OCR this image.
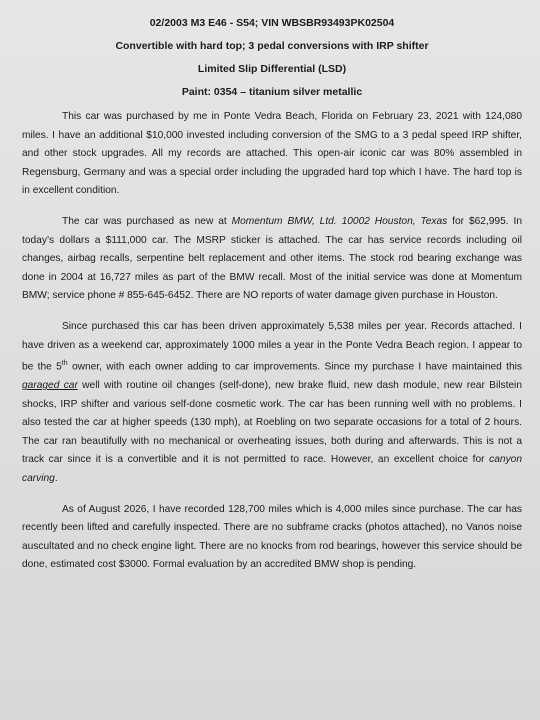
02/2003 M3 E46 - S54; VIN WBSBR93493PK02504
Convertible with hard top; 3 pedal conversions with IRP shifter
Limited Slip Differential (LSD)
Paint: 0354 – titanium silver metallic

This car was purchased by me in Ponte Vedra Beach, Florida on February 23, 2021 with 124,080 miles. I have an additional $10,000 invested including conversion of the SMG to a 3 pedal speed IRP shifter, and other stock upgrades. All my records are attached. This open-air iconic car was 80% assembled in Regensburg, Germany and was a special order including the upgraded hard top which I have. The hard top is in excellent condition.

The car was purchased as new at Momentum BMW, Ltd. 10002 Houston, Texas for $62,995. In today’s dollars a $111,000 car. The MSRP sticker is attached. The car has service records including oil changes, airbag recalls, serpentine belt replacement and other items. The stock rod bearing exchange was done in 2004 at 16,727 miles as part of the BMW recall. Most of the initial service was done at Momentum BMW; service phone # 855-645-6452. There are NO reports of water damage given purchase in Houston.

Since purchased this car has been driven approximately 5,538 miles per year. Records attached. I have driven as a weekend car, approximately 1000 miles a year in the Ponte Vedra Beach region. I appear to be the 5th owner, with each owner adding to car improvements. Since my purchase I have maintained this garaged car well with routine oil changes (self-done), new brake fluid, new dash module, new rear Bilstein shocks, IRP shifter and various self-done cosmetic work. The car has been running well with no problems. I also tested the car at higher speeds (130 mph), at Roebling on two separate occasions for a total of 2 hours. The car ran beautifully with no mechanical or overheating issues, both during and afterwards. This is not a track car since it is a convertible and it is not permitted to race. However, an excellent choice for canyon carving.

As of August 2026, I have recorded 128,700 miles which is 4,000 miles since purchase. The car has recently been lifted and carefully inspected. There are no subframe cracks (photos attached), no Vanos noise auscultated and no check engine light. There are no knocks from rod bearings, however this service should be done, estimated cost $3000. Formal evaluation by an accredited BMW shop is pending.
